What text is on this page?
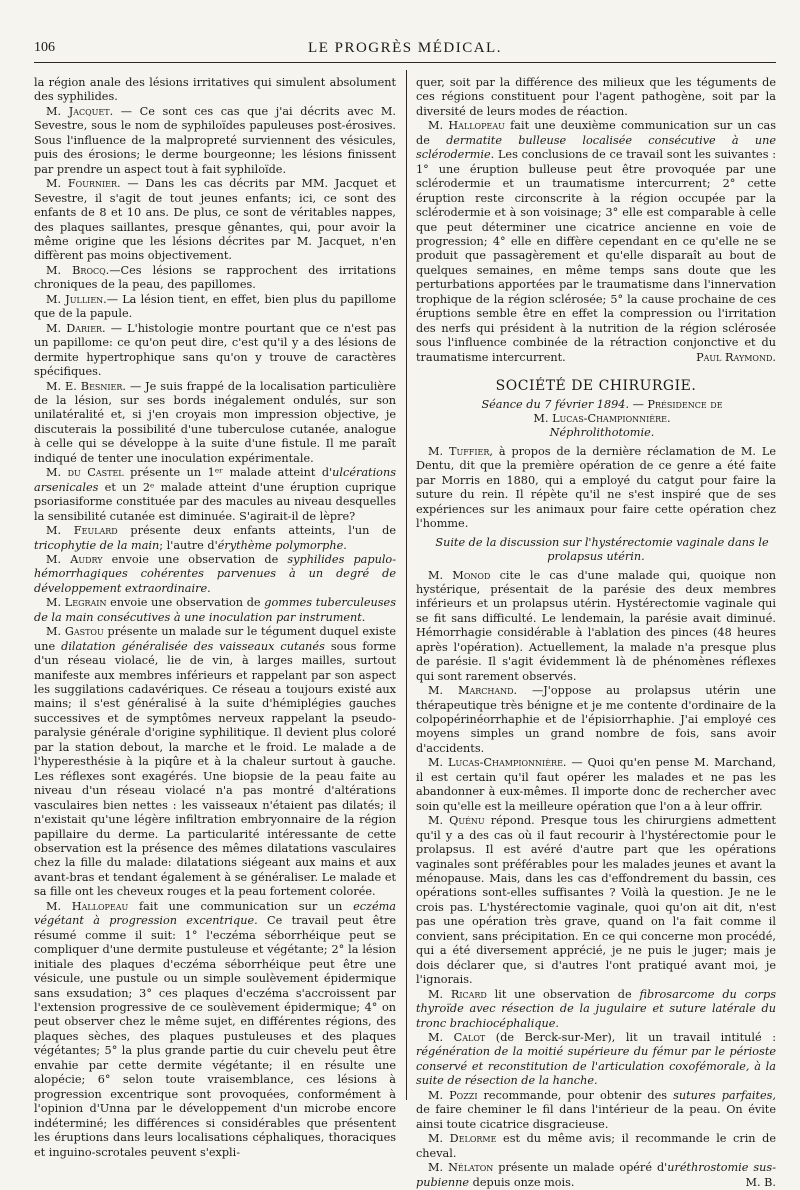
106	LE PROGRÈS MÉDICAL.

la région anale des lésions irritatives qui simulent absolument des syphilides.

M. Jacquet. — Ce sont ces cas que j'ai décrits avec M. Sevestre, sous le nom de syphiloïdes papuleuses post-érosives. Sous l'influence de la malpropreté surviennent des vésicules, puis des érosions; le derme bourgeonne; les lésions finissent par prendre un aspect tout à fait syphiloïde.

M. Fournier. — Dans les cas décrits par MM. Jacquet et Sevestre, il s'agit de tout jeunes enfants; ici, ce sont des enfants de 8 et 10 ans. De plus, ce sont de véritables nappes, des plaques saillantes, presque gênantes, qui, pour avoir la même origine que les lésions décrites par M. Jacquet, n'en diffèrent pas moins objectivement.

M. Brocq.—Ces lésions se rapprochent des irritations chroniques de la peau, des papillomes.

M. Jullien.— La lésion tient, en effet, bien plus du papillome que de la papule.

M. Darier. — L'histologie montre pourtant que ce n'est pas un papillome: ce qu'on peut dire, c'est qu'il y a des lésions de dermite hypertrophique sans qu'on y trouve de caractères spécifiques.

M. E. Besnier. — Je suis frappé de la localisation particulière de la lésion, sur ses bords inégalement ondulés, sur son unilatéralité et, si j'en croyais mon impression objective, je discuterais la possibilité d'une tuberculose cutanée, analogue à celle qui se développe à la suite d'une fistule. Il me paraît indiqué de tenter une inoculation expérimentale.

M. du Castel présente un 1ᵉʳ malade atteint d'ulcérations arsenicales et un 2ᵉ malade atteint d'une éruption cuprique psoriasiforme constituée par des macules au niveau desquelles la sensibilité cutanée est diminuée. S'agirait-il de lèpre?

M. Feulard présente deux enfants atteints, l'un de tricophytie de la main; l'autre d'érythème polymorphe.

M. Audry envoie une observation de syphilides papulo-hémorrhagiques cohérentes parvenues à un degré de développement extraordinaire.

M. Legrain envoie une observation de gommes tuberculeuses de la main consécutives à une inoculation par instrument.

M. Gastou présente un malade sur le tégument duquel existe une dilatation généralisée des vaisseaux cutanés sous forme d'un réseau violacé, lie de vin, à larges mailles, surtout manifeste aux membres inférieurs et rappelant par son aspect les suggilations cadavériques. Ce réseau a toujours existé aux mains; il s'est généralisé à la suite d'hémiplégies gauches successives et de symptômes nerveux rappelant la pseudo-paralysie générale d'origine syphilitique. Il devient plus coloré par la station debout, la marche et le froid. Le malade a de l'hyperesthésie à la piqûre et à la chaleur surtout à gauche. Les réflexes sont exagérés. Une biopsie de la peau faite au niveau d'un réseau violacé n'a pas montré d'altérations vasculaires bien nettes : les vaisseaux n'étaient pas dilatés; il n'existait qu'une légère infiltration embryonnaire de la région papillaire du derme. La particularité intéressante de cette observation est la présence des mêmes dilatations vasculaires chez la fille du malade: dilatations siégeant aux mains et aux avant-bras et tendant également à se généraliser. Le malade et sa fille ont les cheveux rouges et la peau fortement colorée.

M. Hallopeau fait une communication sur un eczéma végétant à progression excentrique. Ce travail peut être résumé comme il suit: 1° l'eczéma séborrhéique peut se compliquer d'une dermite pustuleuse et végétante; 2° la lésion initiale des plaques d'eczéma séborrhéique peut être une vésicule, une pustule ou un simple soulèvement épidermique sans exsudation; 3° ces plaques d'eczéma s'accroissent par l'extension progressive de ce soulèvement épidermique; 4° on peut observer chez le même sujet, en différentes régions, des plaques sèches, des plaques pustuleuses et des plaques végétantes; 5° la plus grande partie du cuir chevelu peut être envahie par cette dermite végétante; il en résulte une alopécie; 6° selon toute vraisemblance, ces lésions à progression excentrique sont provoquées, conformément à l'opinion d'Unna par le développement d'un microbe encore indéterminé; les différences si considérables que présentent les éruptions dans leurs localisations céphaliques, thoraciques et inguino-scrotales peuvent s'expli-

quer, soit par la différence des milieux que les téguments de ces régions constituent pour l'agent pathogène, soit par la diversité de leurs modes de réaction.

M. Hallopeau fait une deuxième communication sur un cas de dermatite bulleuse localisée consécutive à une sclérodermie. Les conclusions de ce travail sont les suivantes : 1° une éruption bulleuse peut être provoquée par une sclérodermie et un traumatisme intercurrent; 2° cette éruption reste circonscrite à la région occupée par la sclérodermie et à son voisinage; 3° elle est comparable à celle que peut déterminer une cicatrice ancienne en voie de progression; 4° elle en diffère cependant en ce qu'elle ne se produit que passagèrement et qu'elle disparaît au bout de quelques semaines, en même temps sans doute que les perturbations apportées par le traumatisme dans l'innervation trophique de la région sclérosée; 5° la cause prochaine de ces éruptions semble être en effet la compression ou l'irritation des nerfs qui président à la nutrition de la région sclérosée sous l'influence combinée de la rétraction conjonctive et du traumatisme intercurrent.	Paul Raymond.

SOCIÉTÉ DE CHIRURGIE.

Séance du 7 février 1894. — Présidence de

M. Lucas-Championnière.

Néphrolithotomie.

M. Tuffier, à propos de la dernière réclamation de M. Le Dentu, dit que la première opération de ce genre a été faite par Morris en 1880, qui a employé du catgut pour faire la suture du rein. Il répète qu'il ne s'est inspiré que de ses expériences sur les animaux pour faire cette opération chez l'homme.

Suite de la discussion sur l'hystérectomie vaginale dans le prolapsus utérin.

M. Monod cite le cas d'une malade qui, quoique non hystérique, présentait de la parésie des deux membres inférieurs et un prolapsus utérin. Hystérectomie vaginale qui se fit sans difficulté. Le lendemain, la parésie avait diminué. Hémorrhagie considérable à l'ablation des pinces (48 heures après l'opération). Actuellement, la malade n'a presque plus de parésie. Il s'agit évidemment là de phénomènes réflexes qui sont rarement observés.

M. Marchand. —J'oppose au prolapsus utérin une thérapeutique très bénigne et je me contente d'ordinaire de la colpopérinéorrhaphie et de l'épisiorrhaphie. J'ai employé ces moyens simples un grand nombre de fois, sans avoir d'accidents.

M. Lucas-Championnière. — Quoi qu'en pense M. Marchand, il est certain qu'il faut opérer les malades et ne pas les abandonner à eux-mêmes. Il importe donc de rechercher avec soin qu'elle est la meilleure opération que l'on a à leur offrir.

M. Quénu répond. Presque tous les chirurgiens admettent qu'il y a des cas où il faut recourir à l'hystérectomie pour le prolapsus. Il est avéré d'autre part que les opérations vaginales sont préférables pour les malades jeunes et avant la ménopause. Mais, dans les cas d'effondrement du bassin, ces opérations sont-elles suffisantes ? Voilà la question. Je ne le crois pas. L'hystérectomie vaginale, quoi qu'on ait dit, n'est pas une opération très grave, quand on l'a fait comme il convient, sans précipitation. En ce qui concerne mon procédé, qui a été diversement apprécié, je ne puis le juger; mais je dois déclarer que, si d'autres l'ont pratiqué avant moi, je l'ignorais.

M. Ricard lit une observation de fibrosarcome du corps thyroïde avec résection de la jugulaire et suture latérale du tronc brachiocéphalique.

M. Calot (de Berck-sur-Mer), lit un travail intitulé : régénération de la moitié supérieure du fémur par le périoste conservé et reconstitution de l'articulation coxofémorale, à la suite de résection de la hanche.

M. Pozzi recommande, pour obtenir des sutures parfaites, de faire cheminer le fil dans l'intérieur de la peau. On évite ainsi toute cicatrice disgracieuse.

M. Delorme est du même avis; il recommande le crin de cheval.

M. Nélaton présente un malade opéré d'uréthrostomie sus-pubienne depuis onze mois.	M. B.
